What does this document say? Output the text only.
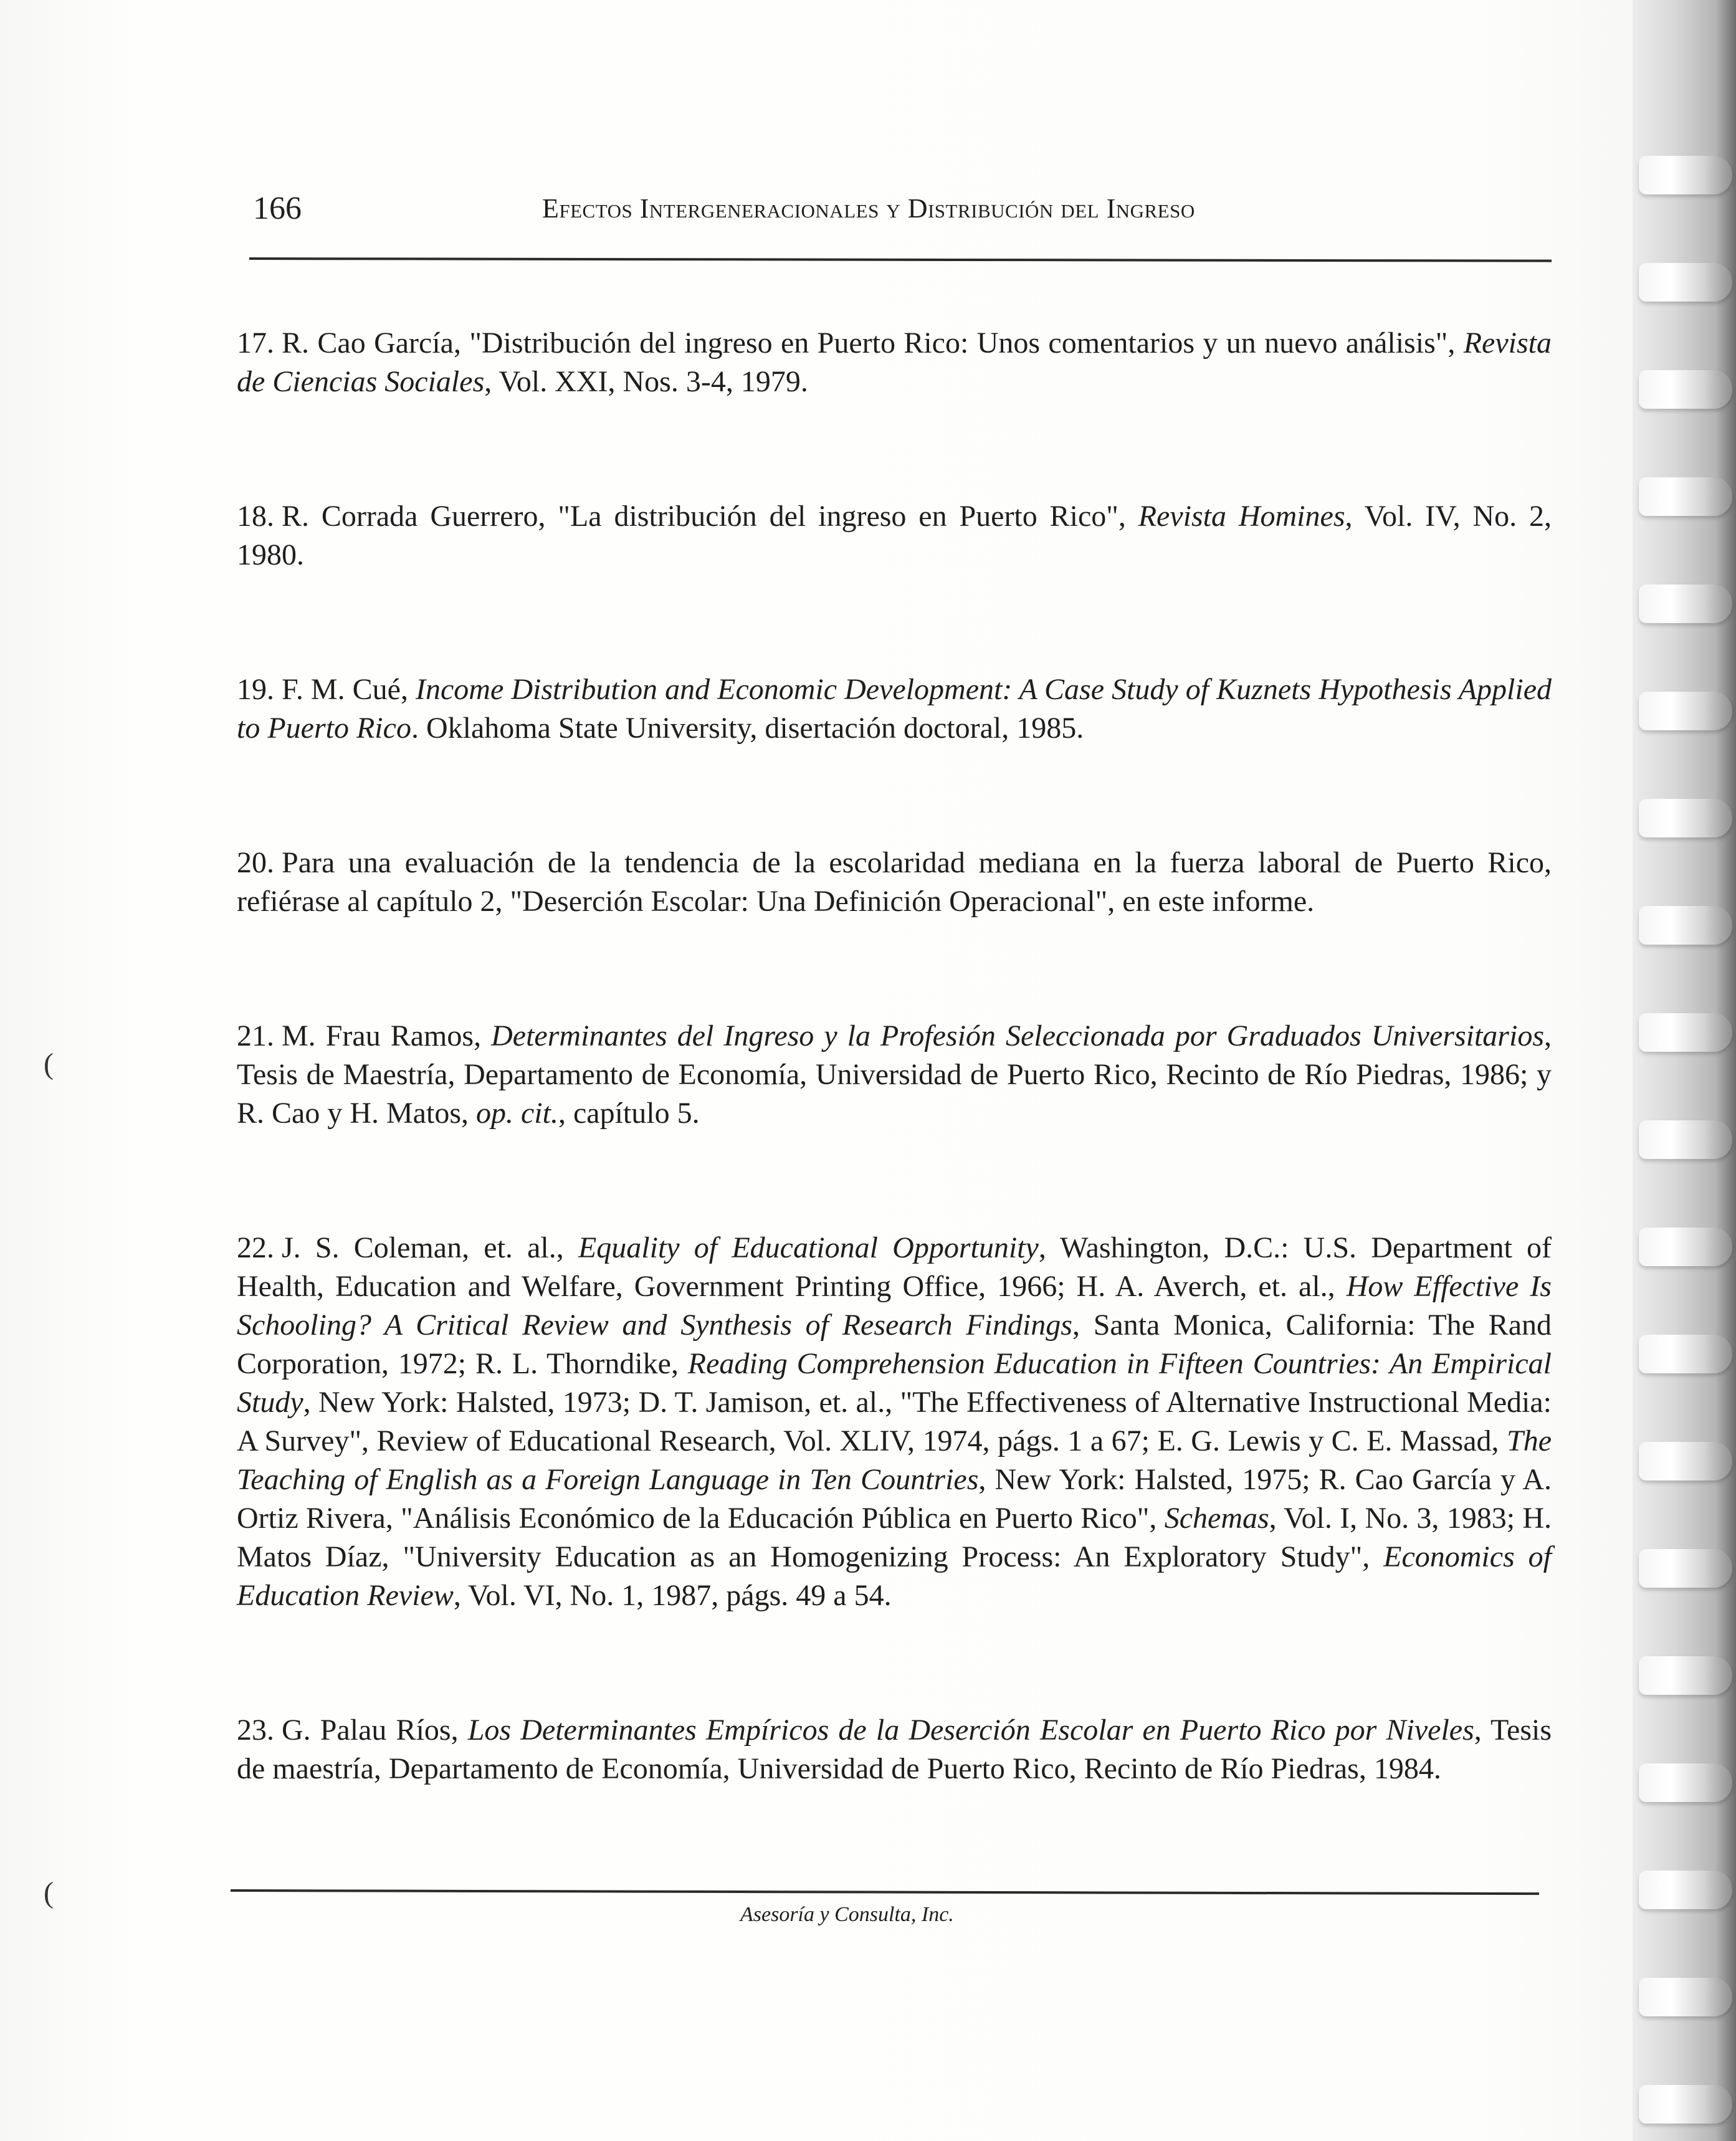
166	Efectos Intergeneracionales y Distribución del Ingreso

17. R. Cao García, "Distribución del ingreso en Puerto Rico: Unos comentarios y un nuevo análisis", Revista de Ciencias Sociales, Vol. XXI, Nos. 3-4, 1979.

18. R. Corrada Guerrero, "La distribución del ingreso en Puerto Rico", Revista Homines, Vol. IV, No. 2, 1980.

19. F. M. Cué, Income Distribution and Economic Development: A Case Study of Kuznets Hypothesis Applied to Puerto Rico. Oklahoma State University, disertación doctoral, 1985.

20. Para una evaluación de la tendencia de la escolaridad mediana en la fuerza laboral de Puerto Rico, refiérase al capítulo 2, "Deserción Escolar: Una Definición Operacional", en este informe.

21. M. Frau Ramos, Determinantes del Ingreso y la Profesión Seleccionada por Graduados Universitarios, Tesis de Maestría, Departamento de Economía, Universidad de Puerto Rico, Recinto de Río Piedras, 1986; y R. Cao y H. Matos, op. cit., capítulo 5.

22. J. S. Coleman, et. al., Equality of Educational Opportunity, Washington, D.C.: U.S. Department of Health, Education and Welfare, Government Printing Office, 1966; H. A. Averch, et. al., How Effective Is Schooling? A Critical Review and Synthesis of Research Findings, Santa Monica, California: The Rand Corporation, 1972; R. L. Thorndike, Reading Comprehension Education in Fifteen Countries: An Empirical Study, New York: Halsted, 1973; D. T. Jamison, et. al., "The Effectiveness of Alternative Instructional Media: A Survey", Review of Educational Research, Vol. XLIV, 1974, págs. 1 a 67; E. G. Lewis y C. E. Massad, The Teaching of English as a Foreign Language in Ten Countries, New York: Halsted, 1975; R. Cao García y A. Ortiz Rivera, "Análisis Económico de la Educación Pública en Puerto Rico", Schemas, Vol. I, No. 3, 1983; H. Matos Díaz, "University Education as an Homogenizing Process: An Exploratory Study", Economics of Education Review, Vol. VI, No. 1, 1987, págs. 49 a 54.

23. G. Palau Ríos, Los Determinantes Empíricos de la Deserción Escolar en Puerto Rico por Niveles, Tesis de maestría, Departamento de Economía, Universidad de Puerto Rico, Recinto de Río Piedras, 1984.

Asesoría y Consulta, Inc.
(
(
